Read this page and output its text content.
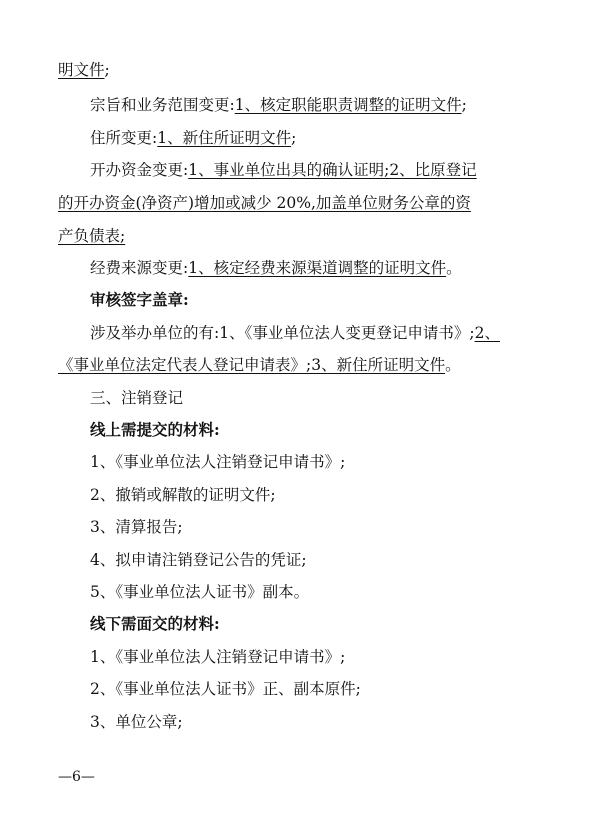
明文件;
宗旨和业务范围变更:1、核定职能职责调整的证明文件;
住所变更:1、新住所证明文件;
开办资金变更:1、事业单位出具的确认证明;2、比原登记
的开办资金(净资产)增加或减少 20%,加盖单位财务公章的资
产负债表;
经费来源变更:1、核定经费来源渠道调整的证明文件。
审核签字盖章:
涉及举办单位的有:1、《事业单位法人变更登记申请书》;2、
《事业单位法定代表人登记申请表》;3、新住所证明文件。
三、注销登记
线上需提交的材料:
1、《事业单位法人注销登记申请书》;
2、撤销或解散的证明文件;
3、清算报告;
4、拟申请注销登记公告的凭证;
5、《事业单位法人证书》副本。
线下需面交的材料:
1、《事业单位法人注销登记申请书》;
2、《事业单位法人证书》正、副本原件;
3、单位公章;
—6—
